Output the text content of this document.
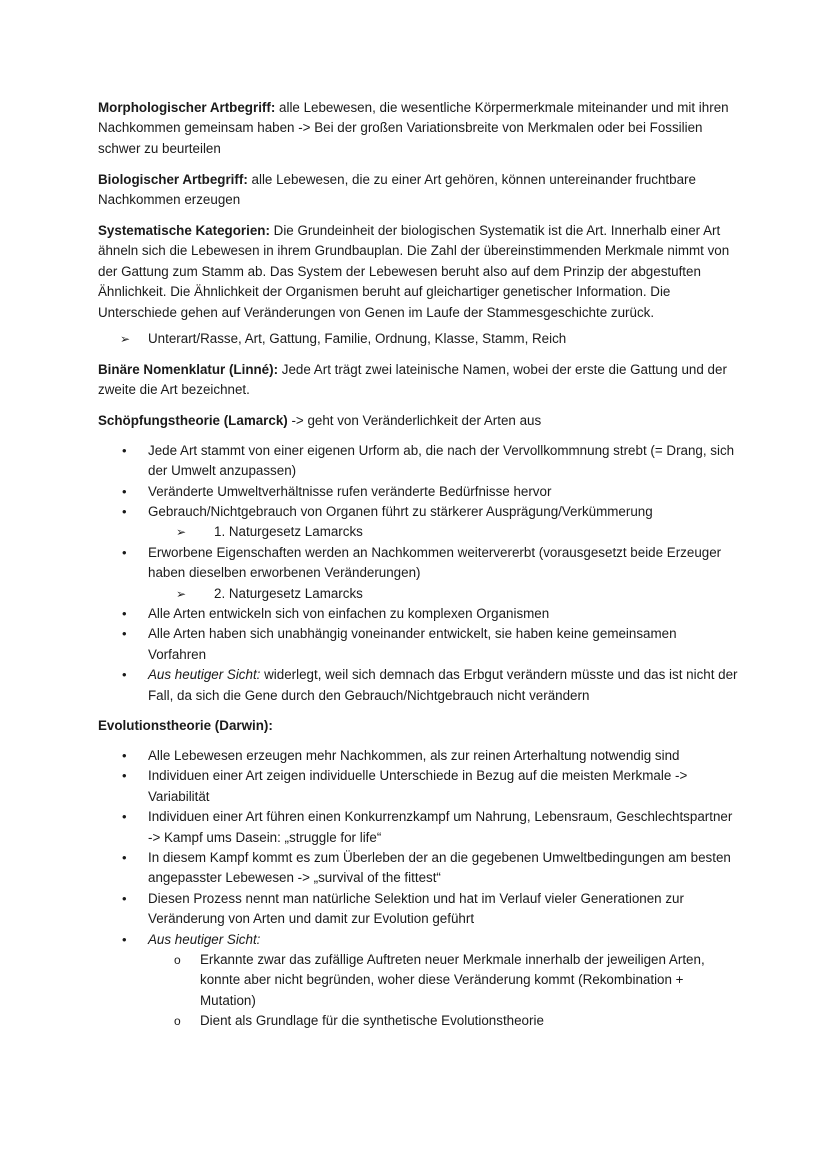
Morphologischer Artbegriff: alle Lebewesen, die wesentliche Körpermerkmale miteinander und mit ihren Nachkommen gemeinsam haben -> Bei der großen Variationsbreite von Merkmalen oder bei Fossilien schwer zu beurteilen

Biologischer Artbegriff: alle Lebewesen, die zu einer Art gehören, können untereinander fruchtbare Nachkommen erzeugen

Systematische Kategorien: Die Grundeinheit der biologischen Systematik ist die Art. Innerhalb einer Art ähneln sich die Lebewesen in ihrem Grundbauplan. Die Zahl der übereinstimmenden Merkmale nimmt von der Gattung zum Stamm ab. Das System der Lebewesen beruht also auf dem Prinzip der abgestuften Ähnlichkeit. Die Ähnlichkeit der Organismen beruht auf gleichartiger genetischer Information. Die Unterschiede gehen auf Veränderungen von Genen im Laufe der Stammesgeschichte zurück.

➢ Unterart/Rasse, Art, Gattung, Familie, Ordnung, Klasse, Stamm, Reich

Binäre Nomenklatur (Linné): Jede Art trägt zwei lateinische Namen, wobei der erste die Gattung und der zweite die Art bezeichnet.

Schöpfungstheorie (Lamarck) -> geht von Veränderlichkeit der Arten aus

• Jede Art stammt von einer eigenen Urform ab, die nach der Vervollkommnung strebt (= Drang, sich der Umwelt anzupassen)
• Veränderte Umweltverhältnisse rufen veränderte Bedürfnisse hervor
• Gebrauch/Nichtgebrauch von Organen führt zu stärkerer Ausprägung/Verkümmerung
➢ 1. Naturgesetz Lamarcks
• Erworbene Eigenschaften werden an Nachkommen weitervererbt (vorausgesetzt beide Erzeuger haben dieselben erworbenen Veränderungen)
➢ 2. Naturgesetz Lamarcks
• Alle Arten entwickeln sich von einfachen zu komplexen Organismen
• Alle Arten haben sich unabhängig voneinander entwickelt, sie haben keine gemeinsamen Vorfahren
• Aus heutiger Sicht: widerlegt, weil sich demnach das Erbgut verändern müsste und das ist nicht der Fall, da sich die Gene durch den Gebrauch/Nichtgebrauch nicht verändern

Evolutionstheorie (Darwin):

• Alle Lebewesen erzeugen mehr Nachkommen, als zur reinen Arterhaltung notwendig sind
• Individuen einer Art zeigen individuelle Unterschiede in Bezug auf die meisten Merkmale -> Variabilität
• Individuen einer Art führen einen Konkurrenzkampf um Nahrung, Lebensraum, Geschlechtspartner -> Kampf ums Dasein: „struggle for life“
• In diesem Kampf kommt es zum Überleben der an die gegebenen Umweltbedingungen am besten angepasster Lebewesen -> „survival of the fittest“
• Diesen Prozess nennt man natürliche Selektion und hat im Verlauf vieler Generationen zur Veränderung von Arten und damit zur Evolution geführt
• Aus heutiger Sicht:
o Erkannte zwar das zufällige Auftreten neuer Merkmale innerhalb der jeweiligen Arten, konnte aber nicht begründen, woher diese Veränderung kommt (Rekombination + Mutation)
o Dient als Grundlage für die synthetische Evolutionstheorie
